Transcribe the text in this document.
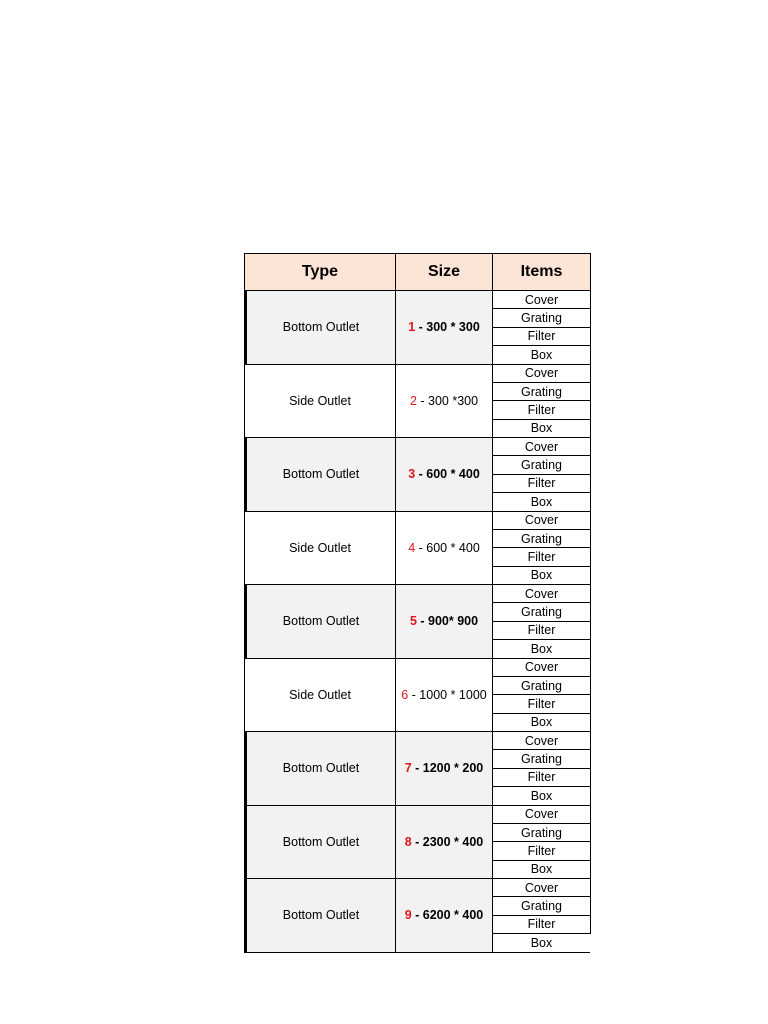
Type	Size	Items
Bottom Outlet	1 - 300 * 300
Cover
Grating
Filter
Box
Side Outlet	2 - 300 *300
Cover
Grating
Filter
Box
Bottom Outlet	3 - 600 * 400
Cover
Grating
Filter
Box
Side Outlet	4 - 600 * 400
Cover
Grating
Filter
Box
Bottom Outlet	5 - 900* 900
Cover
Grating
Filter
Box
Side Outlet	6 - 1000 * 1000
Cover
Grating
Filter
Box
Bottom Outlet	7 - 1200 * 200
Cover
Grating
Filter
Box
Bottom Outlet	8 - 2300 * 400
Cover
Grating
Filter
Box
Bottom Outlet	9 - 6200 * 400
Cover
Grating
Filter
Box
